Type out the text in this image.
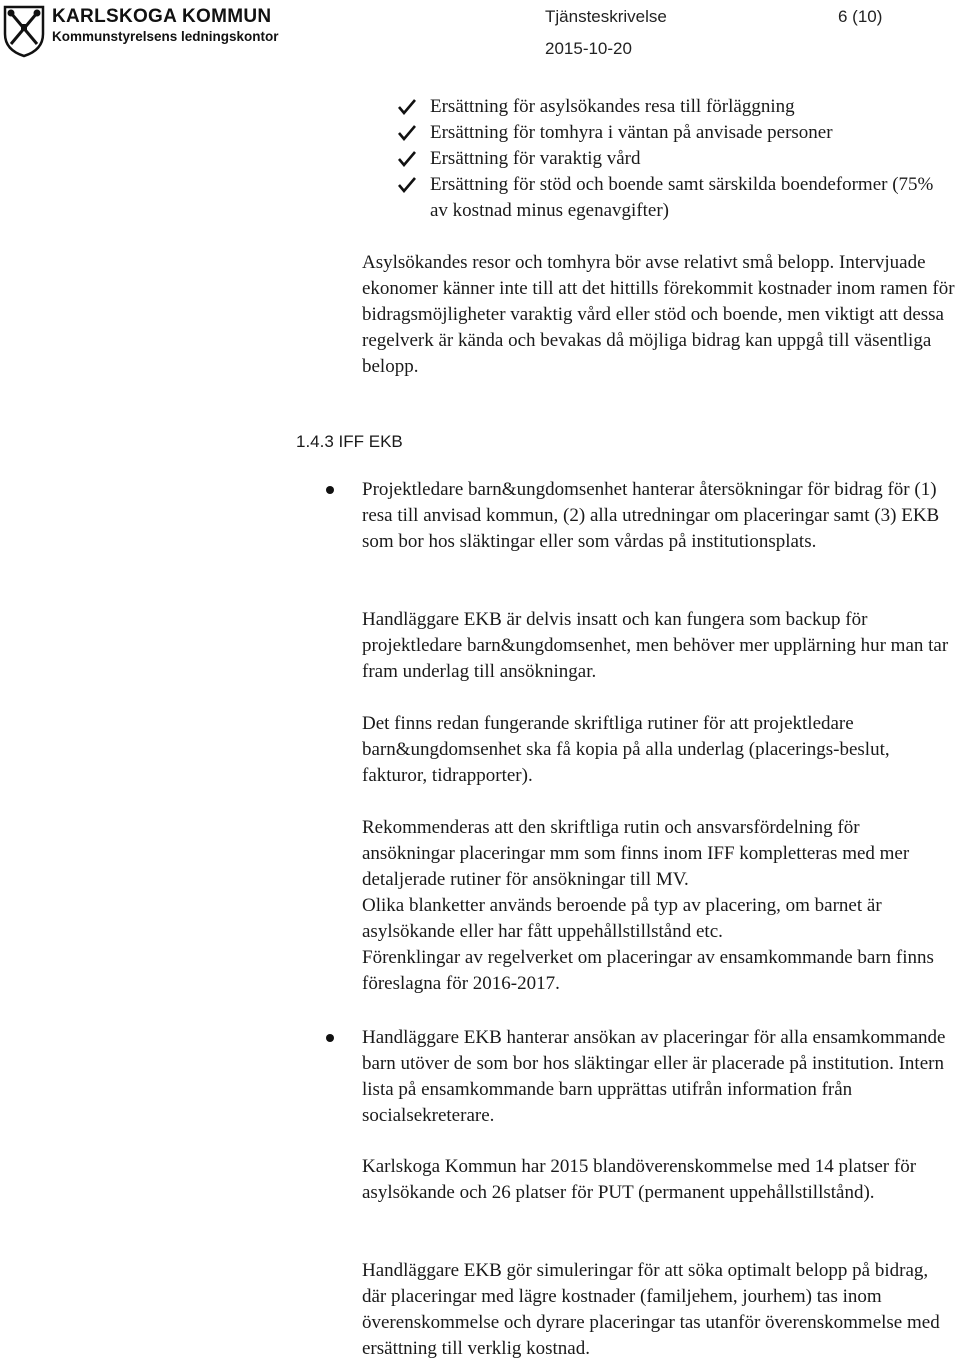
KARLSKOGA KOMMUN
Kommunstyrelsens ledningskontor
Tjänsteskrivelse	6 (10)
2015-10-20
Ersättning för asylsökandes resa till förläggning
Ersättning för tomhyra i väntan på anvisade personer
Ersättning för varaktig vård
Ersättning för stöd och boende samt särskilda boendeformer (75% av kostnad minus egenavgifter)

Asylsökandes resor och tomhyra bör avse relativt små belopp. Intervjuade ekonomer känner inte till att det hittills förekommit kostnader inom ramen för bidragsmöjligheter varaktig vård eller stöd och boende, men viktigt att dessa regelverk är kända och bevakas då möjliga bidrag kan uppgå till väsentliga belopp.

1.4.3 IFF EKB

Projektledare barn&ungdomsenhet hanterar återsökningar för bidrag för (1) resa till anvisad kommun, (2) alla utredningar om placeringar samt (3) EKB som bor hos släktingar eller som vårdas på institutionsplats.

Handläggare EKB är delvis insatt och kan fungera som backup för projektledare barn&ungdomsenhet, men behöver mer upplärning hur man tar fram underlag till ansökningar.

Det finns redan fungerande skriftliga rutiner för att projektledare barn&ungdomsenhet ska få kopia på alla underlag (placerings-beslut, fakturor, tidrapporter).

Rekommenderas att den skriftliga rutin och ansvarsfördelning för ansökningar placeringar mm som finns inom IFF kompletteras med mer detaljerade rutiner för ansökningar till MV.

Olika blanketter används beroende på typ av placering, om barnet är asylsökande eller har fått uppehållstillstånd etc.

Förenklingar av regelverket om placeringar av ensamkommande barn finns föreslagna för 2016-2017.

Handläggare EKB hanterar ansökan av placeringar för alla ensamkommande barn utöver de som bor hos släktingar eller är placerade på institution. Intern lista på ensamkommande barn upprättas utifrån information från socialsekreterare.

Karlskoga Kommun har 2015 blandöverenskommelse med 14 platser för asylsökande och 26 platser för PUT (permanent uppehållstillstånd).

Handläggare EKB gör simuleringar för att söka optimalt belopp på bidrag, där placeringar med lägre kostnader (familjehem, jourhem) tas inom överenskommelse och dyrare placeringar tas utanför överenskommelse med ersättning till verklig kostnad.
